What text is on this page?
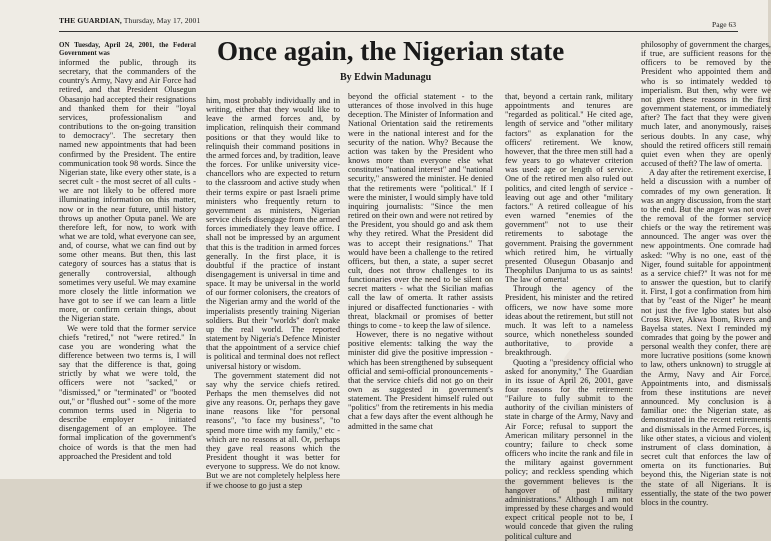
THE GUARDIAN, Thursday, May 17, 2001	Page 63
Once again, the Nigerian state
By Edwin Madunagu

ON Tuesday, April 24, 2001, the Federal Government was

informed the public, through its secretary, that the commanders of the country's Army, Navy and Air Force had retired, and that President Olusegun Obasanjo had accepted their resignations and thanked them for their "loyal services, professionalism and contributions to the on-going transition to democracy". The secretary then named new appointments that had been confirmed by the President. The entire communication took 98 words. Since the Nigerian state, like every other state, is a secret cult - the most secret of all cults - we are not likely to be offered more illuminating information on this matter, now or in the near future, until history throws up another Oputa panel. We are therefore left, for now, to work with what we are told, what everyone can see, and, of course, what we can find out by some other means. But then, this last category of sources has a status that is generally controversial, although sometimes very useful. We may examine more closely the little information we have got to see if we can learn a little more, or confirm certain things, about the Nigerian state.

We were told that the former service chiefs "retired," not "were retired." In case you are wondering what the difference between two terms is, I will say that the difference is that, going strictly by what we were told, the officers were not "sacked," or "dismissed," or "terminated" or "booted out," or "flushed out" - some of the more common terms used in Nigeria to describe employer - initiated disengagement of an employee. The formal implication of the government's choice of words is that the men had approached the President and told

him, most probably individually and in writing, either that they would like to leave the armed forces and, by implication, relinquish their command positions or that they would like to relinquish their command positions in the armed forces and, by tradition, leave the forces. For unlike university vice-chancellors who are expected to return to the classroom and active study when their terms expire or past Israeli prime ministers who frequently return to government as ministers, Nigerian service chiefs disengage from the armed forces immediately they leave office. I shall not be impressed by an argument that this is the tradition in armed forces generally. In the first place, it is doubtful if the practice of instant disengagement is universal in time and space. It may be universal in the world of our former colonisers, the creators of the Nigerian army and the world of the imperialists presently training Nigerian soldiers. But their "worlds" don't make up the real world. The reported statement by Nigeria's Defence Minister that the appointment of a service chief is political and terminal does not reflect universal history or wisdom.

The government statement did not say why the service chiefs retired. Perhaps the men themselves did not give any reasons. Or, perhaps they gave inane reasons like "for personal reasons", "to face my business", "to spend more time with my family," etc - which are no reasons at all. Or, perhaps they gave real reasons which the President thought it was better for everyone to suppress. We do not know. But we are not completely helpless here if we choose to go just a step

beyond the official statement - to the utterances of those involved in this huge deception. The Minister of Information and National Orientation said the retirements were in the national interest and for the security of the nation. Why? Because the action was taken by the President who knows more than everyone else what constitutes "national interest" and "national security," answered the minister. He denied that the retirements were "political." If I were the minister, I would simply have told inquiring journalists: "Since the men retired on their own and were not retired by the President, you should go and ask them why they retired. What the President did was to accept their resignations." That would have been a challenge to the retired officers, but then, a state, a super secret cult, does not throw challenges to its functionaries over the need to be silent on secret matters - what the Sicilian mafias call the law of omerta. It rather assists injured or disaffected functionaries - with threat, blackmail or promises of better things to come - to keep the law of silence.

However, there is no negative without positive elements: talking the way the minister did give the positive impression - which has been strengthened by subsequent official and semi-official pronouncements - that the service chiefs did not go on their own as suggested in government's statement. The President himself ruled out "politics" from the retirements in his media chat a few days after the event although he admitted in the same chat

that, beyond a certain rank, military appointments and tenures are "regarded as political." He cited age, length of service and "other military factors" as explanation for the officers' retirement. We know, however, that the three men still had a few years to go whatever criterion was used: age or length of service. One of the retired men also ruled out politics, and cited length of service - leaving out age and other "military factors." A retired colleague of his even warned "enemies of the government" not to use their retirements to sabotage the government. Praising the government which retired him, he virtually presented Olusegun Obasanjo and Theophilus Danjuma to us as saints! The law of omerta!

Through the agency of the President, his minister and the retired officers, we now have some more ideas about the retirement, but still not much. It was left to a nameless source, which nonetheless sounded authoritative, to provide a breakthrough.

Quoting a "presidency official who asked for anonymity," The Guardian in its issue of April 26, 2001, gave four reasons for the retirement: "Failure to fully submit to the authority of the civilian ministers of state in charge of the Army, Navy and Air Force; refusal to support the American military personnel in the country; failure to check some officers who incite the rank and file in the military against government policy; and reckless spending which the government believes is the hangover of past military administrations." Although I am not impressed by these charges and would expect critical people not to be, I would concede that given the ruling political culture and

philosophy of government the charges, if true, are sufficient reasons for the officers to be removed by the President who appointed them and who is so intimately wedded to imperialism. But then, why were we not given these reasons in the first government statement, or immediately after? The fact that they were given much later, and anonymously, raises serious doubts. In any case, why should the retired officers still remain quiet even when they are openly accused of theft? The law of omerta.

A day after the retirement exercise, I held a discussion with a number of comrades of my own generation. It was an angry discussion, from the start to the end. But the anger was not over the removal of the former service chiefs or the way the retirement was announced. The anger was over the new appointments. One comrade had asked: "Why is no one, east of the Niger, found suitable for appointment as a service chief?" It was not for me to answer the question, but to clarify it. First, I got a confirmation from him that by "east of the Niger" he meant not just the five Igbo states but also Cross River, Akwa Ibom, Rivers and Bayelsa states. Next I reminded my comrades that going by the power and personal wealth they confer, there are more lucrative positions (some known to law, others unknown) to struggle at the Army, Navy and Air Force. Appointments into, and dismissals from these institutions are never announced. My conclusion is a familiar one: the Nigerian state, as demonstrated in the recent retirements and dismissals in the Armed Forces, is, like other states, a vicious and violent instrument of class domination, a secret cult that enforces the law of omerta on its functionaries. But beyond this, the Nigerian state is not the state of all Nigerians. It is essentially, the state of the two power blocs in the country.
